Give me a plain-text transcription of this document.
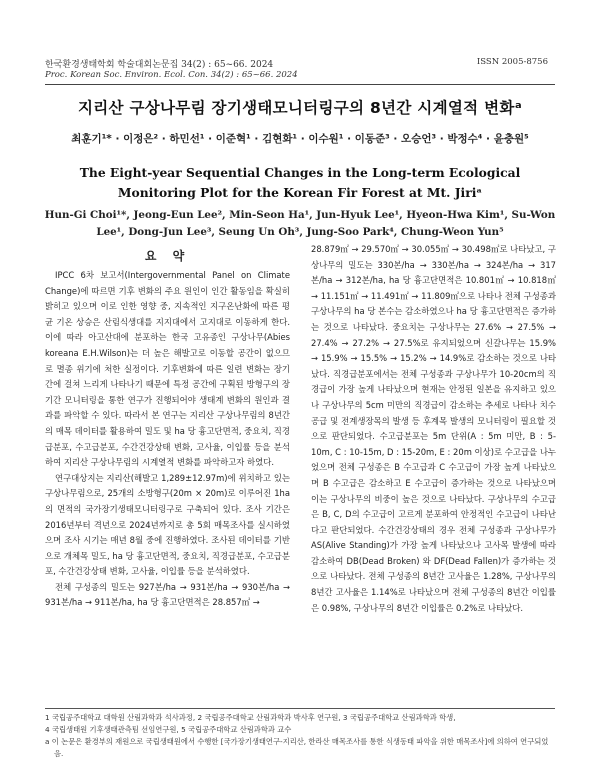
한국환경생태학회 학술대회논문집 34(2) : 65~66. 2024
Proc. Korean Soc. Environ. Ecol. Con. 34(2) : 65~66. 2024
ISSN 2005-8756
지리산 구상나무림 장기생태모니터링구의 8년간 시계열적 변화ᵃ
최훈기¹* · 이정은² · 하민선¹ · 이준혁¹ · 김현화¹ · 이수원¹ · 이동준³ · 오승언³ · 박정수⁴ · 윤충원⁵
The Eight-year Sequential Changes in the Long-term Ecological Monitoring Plot for the Korean Fir Forest at Mt. Jiriᵃ
Hun-Gi Choi¹*, Jeong-Eun Lee², Min-Seon Ha¹, Jun-Hyuk Lee¹, Hyeon-Hwa Kim¹, Su-Won Lee¹, Dong-Jun Lee³, Seung Un Oh³, Jung-Soo Park⁴, Chung-Weon Yun⁵
요 약

IPCC 6차 보고서(Intergovernmental Panel on Climate Change)에 따르면 기후 변화의 주요 원인이 인간 활동임을 확실히 밝히고 있으며 이로 인한 영향 중, 지속적인 지구온난화에 따른 평균 기온 상승은 산림식생대를 지지대에서 고지대로 이동하게 한다. 이에 따라 아고산대에 분포하는 한국 고유종인 구상나무(Abies koreana E.H.Wilson)는 더 높은 해발고로 이동할 공간이 없으므로 멸종 위기에 처한 실정이다. 기후변화에 따른 일련 변화는 장기간에 걸쳐 느리게 나타나기 때문에 특정 공간에 구획된 방형구의 장기간 모니터링을 통한 연구가 진행되어야 생태계 변화의 원인과 결과를 파악할 수 있다. 따라서 본 연구는 지리산 구상나무림의 8년간의 매목 데이터를 활용하여 밀도 및 ha 당 흉고단면적, 중요치, 직경급분포, 수고급분포, 수간건강상태 변화, 고사율, 이입률 등을 분석하여 지리산 구상나무림의 시계열적 변화를 파악하고자 하였다.

연구대상지는 지리산(해발고 1,289±12.97m)에 위치하고 있는 구상나무림으로, 25개의 소방형구(20m × 20m)로 이루어진 1ha의 면적의 국가장기생태모니터링구로 구축되어 있다. 조사 기간은 2016년부터 격년으로 2024년까지로 총 5회 매목조사를 실시하였으며 조사 시기는 매년 8월 중에 진행하였다. 조사된 데이터를 기반으로 개체목 밀도, ha 당 흉고단면적, 중요치, 직경급분포, 수고급분포, 수간건강상태 변화, 고사율, 이입률 등을 분석하였다.

전체 구성종의 밀도는 927본/ha → 931본/ha → 930본/ha → 931본/ha → 911본/ha, ha 당 흉고단면적은 28.857㎡ →

28.879㎡ → 29.570㎡ → 30.055㎡ → 30.498㎡로 나타났고, 구상나무의 밀도는 330본/ha → 330본/ha → 324본/ha → 317본/ha → 312본/ha, ha 당 흉고단면적은 10.801㎡ → 10.818㎡ → 11.151㎡ → 11.491㎡ → 11.809㎡으로 나타나 전체 구성종과 구상나무의 ha 당 본수는 감소하였으나 ha 당 흉고단면적은 증가하는 것으로 나타났다. 중요치는 구상나무는 27.6% → 27.5% → 27.4% → 27.2% → 27.5%로 유지되었으며 신갈나무는 15.9% → 15.9% → 15.5% → 15.2% → 14.9%로 감소하는 것으로 나타났다. 직경급분포에서는 전체 구성종과 구상나무가 10-20cm의 직경급이 가장 높게 나타났으며 현재는 안정된 일본을 유지하고 있으나 구상나무의 5cm 미만의 직경급이 감소하는 추세로 나타나 치수공급 및 전계생장목의 발생 등 후계목 발생의 모니터링이 필요할 것으로 판단되었다. 수고급분포는 5m 단위(A : 5m 미만, B : 5-10m, C : 10-15m, D : 15-20m, E : 20m 이상)로 수고급을 나누었으며 전체 구성종은 B 수고급과 C 수고급이 가장 높게 나타났으며 B 수고급은 감소하고 E 수고급이 증가하는 것으로 나타났으며 이는 구상나무의 비중이 높은 것으로 나타났다. 구상나무의 수고급은 B, C, D의 수고급이 고르게 분포하여 안정적인 수고급이 나타난다고 판단되었다. 수간건강상태의 경우 전체 구성종과 구상나무가 AS(Alive Standing)가 가장 높게 나타났으나 고사목 발생에 따라 감소하여 DB(Dead Broken) 와 DF(Dead Fallen)가 증가하는 것으로 나타났다. 전체 구성종의 8년간 고사율은 1.28%, 구상나무의 8년간 고사율은 1.14%로 나타났으며 전체 구성종의 8년간 이입률은 0.98%, 구상나무의 8년간 이입률은 0.2%로 나타났다.

1 국립공주대학교 대학원 산림과학과 석사과정, 2 국립공주대학교 산림과학과 박사후 연구원, 3 국립공주대학교 산림과학과 학생,
4 국립생태원 기후생태관측팀 선임연구원, 5 국립공주대학교 산림과학과 교수
a 이 논문은 환경부의 재원으로 국립생태원에서 수행한 [국가장기생태연구-지리산, 한라산 매목조사를 통한 식생동태 파악을 위한 매목조사]에 의하여 연구되었음.
